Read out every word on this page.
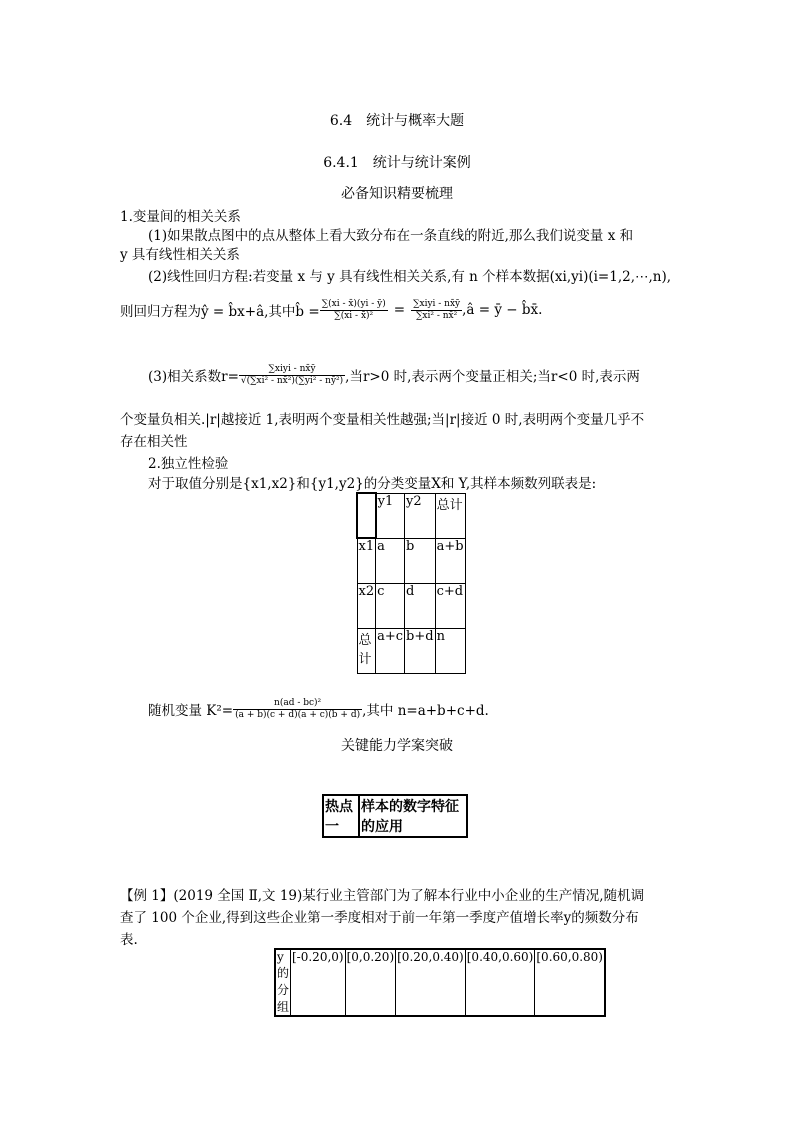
6.4　统计与概率大题
6.4.1　统计与统计案例
必备知识精要梳理
1.变量间的相关关系
(1)如果散点图中的点从整体上看大致分布在一条直线的附近,那么我们说变量 x 和
y 具有线性相关关系
(2)线性回归方程:若变量 x 与 y 具有线性相关关系,有 n 个样本数据(xi,yi)(i=1,2,⋯,n),
则回归方程为 ŷ = b̂x+â,其中b̂ = $\frac{\sum(xi - x̄)(yi - ȳ)}{\text{∑(xi - x̄)²}} = \frac{\text{∑xiyi - nx̄ȳ}}{\text{∑xi² - nx̄²}}$ ,â = ȳ − b̂x̄.
(3)相关系数$r= \frac{\text{∑xiyi - nx̄ȳ}}{\text{√(∑xi² - nx̄²)(∑yi² - nȳ²)}}$ ,当r>0 时,表示两个变量正相关;当r<0 时,表示两
个变量负相关.|r|越接近 1,表明两个变量相关性越强;当|r|接近 0 时,表明两个变量几乎不
存在相关性
2.独立性检验
对于取值分别是{x1,x2}和{y1,y2}的分类变量X和 Y,其样本频数列联表是:
	y1	y2	总计
x1	a	b	a+b
x2	c	d	c+d
总计	a+c	b+d	n
随机变量 $K^2= \frac{\text{n(ad - bc)²}}{(a + b)(c + d)(a + c)(b + d)}$ ,其中 n=a+b+c+d.
关键能力学案突破
热点一	样本的数字特征的应用
【例 1】(2019 全国 Ⅱ,文 19)某行业主管部门为了解本行业中小企业的生产情况,随机调
查了 100 个企业,得到这些企业第一季度相对于前一年第一季度产值增长率y的频数分布
表.
y的分组	[-0.20,0)	[0,0.20)	[0.20,0.40)	[0.40,0.60)	[0.60,0.80)
